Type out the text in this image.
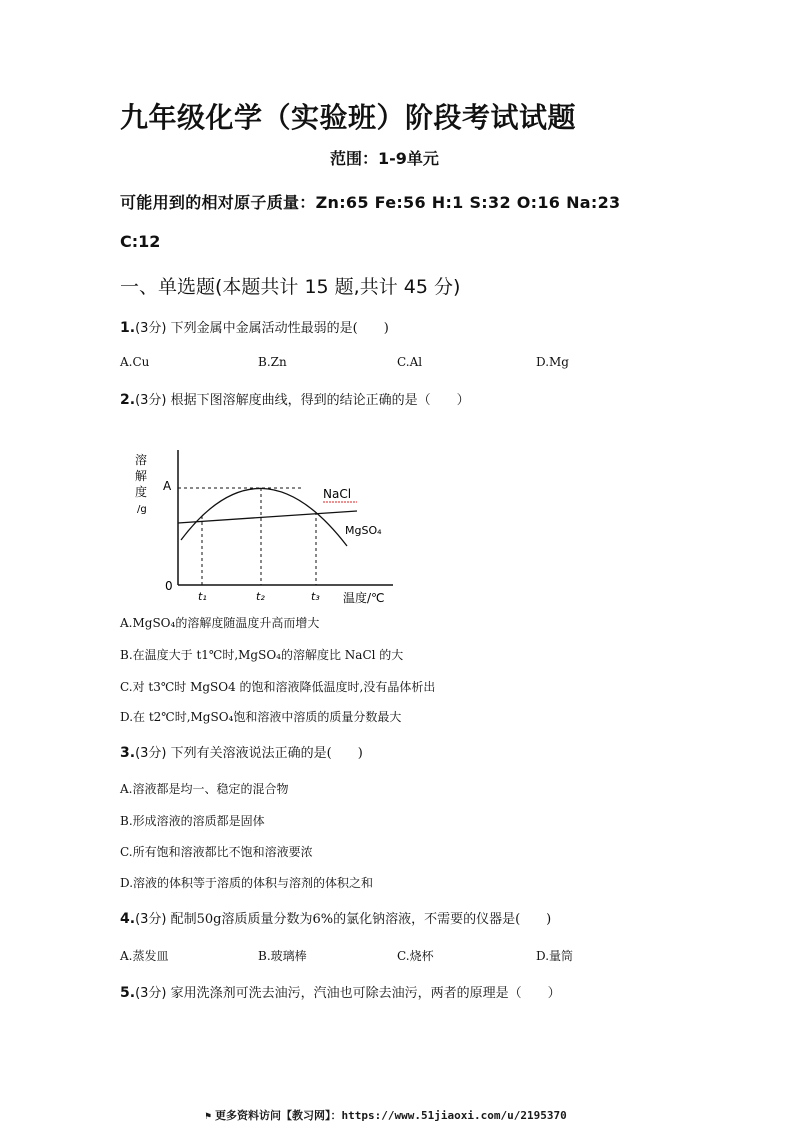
九年级化学（实验班）阶段考试试题
范围：1-9单元
可能用到的相对原子质量：Zn:65 Fe:56 H:1 S:32 O:16 Na:23
C:12
一、单选题(本题共计 15 题,共计 45 分)
1.(3分) 下列金属中金属活动性最弱的是(　　)
A.Cu	B.Zn	C.Al	D.Mg
2.(3分) 根据下图溶解度曲线，得到的结论正确的是（　　）
溶
解
度
/g
A
0
NaCl
MgSO₄
t₁	t₂	t₃ 温度/℃
A.MgSO₄的溶解度随温度升高而增大
B.在温度大于 t1℃时,MgSO₄的溶解度比 NaCl 的大
C.对 t3℃时 MgSO4 的饱和溶液降低温度时,没有晶体析出
D.在 t2℃时,MgSO₄饱和溶液中溶质的质量分数最大
3.(3分) 下列有关溶液说法正确的是(　　)
A.溶液都是均一、稳定的混合物
B.形成溶液的溶质都是固体
C.所有饱和溶液都比不饱和溶液要浓
D.溶液的体积等于溶质的体积与溶剂的体积之和
4.(3分) 配制50g溶质质量分数为6%的氯化钠溶液，不需要的仪器是(　　)
A.蒸发皿	B.玻璃棒	C.烧杯	D.量筒
5.(3分) 家用洗涤剂可洗去油污，汽油也可除去油污，两者的原理是（　　）
⚑ 更多资料访问【教习网】：https://www.51jiaoxi.com/u/2195370
